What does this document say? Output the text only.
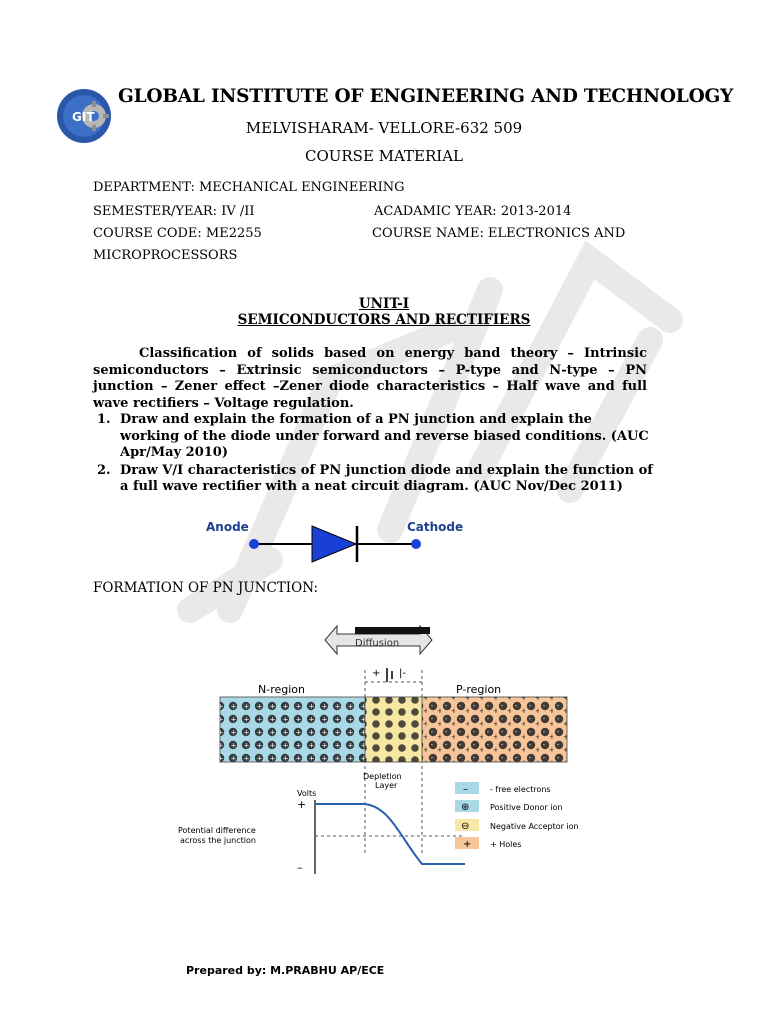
GIT
GLOBAL INSTITUTE OF ENGINEERING AND TECHNOLOGY
MELVISHARAM- VELLORE-632 509
COURSE MATERIAL
DEPARTMENT: MECHANICAL ENGINEERING
SEMESTER/YEAR: IV /II	ACADAMIC YEAR: 2013-2014
COURSE CODE: ME2255	COURSE NAME: ELECTRONICS AND
MICROPROCESSORS
UNIT-I
SEMICONDUCTORS AND RECTIFIERS
Classification of solids based on energy band theory – Intrinsic semiconductors – Extrinsic semiconductors – P-type and N-type – PN junction – Zener effect –Zener diode characteristics – Half wave and full wave rectifiers – Voltage regulation.
1. Draw and explain the formation of a PN junction and explain the working of the diode under forward and reverse biased conditions. (AUC Apr/May 2010)
2. Draw V/I characteristics of PN junction diode and explain the function of a full wave rectifier with a neat circuit diagram. (AUC Nov/Dec 2011)
Anode	Cathode
FORMATION OF PN JUNCTION:
Diffusion
+ |-
N-region	P-region
Depletion
Layer
Volts
+
–
Potential difference
across the junction
–	- free electrons
⊕	Positive Donor ion
⊖	Negative Acceptor ion
+ + Holes
Prepared by: M.PRABHU AP/ECE
